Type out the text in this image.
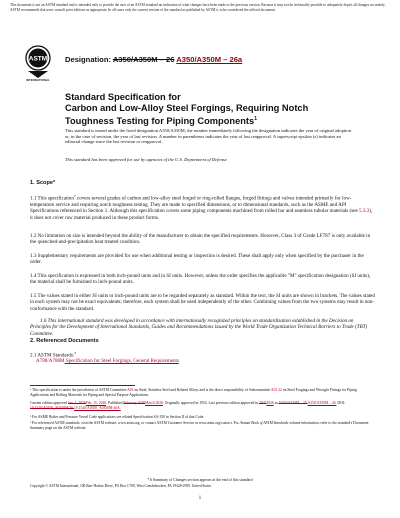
This document is not an ASTM standard and is intended only to provide the user of an ASTM standard an indication of what changes have been made to the previous version. Because it may not be technically possible to adequately depict all changes accurately, ASTM recommends that users consult prior editions as appropriate. In all cases only the current version of the standard as published by ASTM is to be considered the official document.
ASTM
INTERNATIONAL
Designation: A350/A350M – 26 A350/A350M – 26a
Standard Specification for
Carbon and Low-Alloy Steel Forgings, Requiring Notch
Toughness Testing for Piping Components$^1$
This standard is issued under the fixed designation A350/A350M; the number immediately following the designation indicates the year of original adoption or, in the case of revision, the year of last revision. A number in parentheses indicates the year of last reapproval. A superscript epsilon (ε) indicates an editorial change since the last revision or reapproval.
This standard has been approved for use by agencies of the U.S. Department of Defense.
1. Scope*
1.1 This specification$^2$ covers several grades of carbon and low-alloy steel forged or ring-rolled flanges, forged fittings and valves intended primarily for low-temperature service and requiring notch toughness testing. They are made to specified dimensions, or to dimensional standards, such as the ASME and API Specifications referenced in Section 2. Although this specification covers some piping components machined from rolled bar and seamless tubular materials (see 5.3.3), it does not cover raw material produced in these product forms.
1.2 No limitation on size is intended beyond the ability of the manufacturer to obtain the specified requirements. However, Class 3 of Grade LF787 is only available in the quenched-and-precipitation heat treated condition.
1.3 Supplementary requirements are provided for use when additional testing or inspection is desired. These shall apply only when specified by the purchaser in the order.
1.4 This specification is expressed in both inch-pound units and in SI units. However, unless the order specifies the applicable "M" specification designation (SI units), the material shall be furnished to inch-pound units.
1.5 The values stated in either SI units or inch-pound units are to be regarded separately as standard. Within the text, the SI units are shown in brackets. The values stated in each system may not be exact equivalents; therefore, each system shall be used independently of the other. Combining values from the two systems may result in non-conformance with the standard.
1.6 This international standard was developed in accordance with internationally recognized principles on standardization established in the Decision on Principles for the Development of International Standards, Guides and Recommendations issued by the World Trade Organization Technical Barriers to Trade (TBT) Committee.
2. Referenced Documents
2.1 ASTM Standards:$^3$
A788/A788M Specification for Steel Forgings, General Requirements
¹ This specification is under the jurisdiction of ASTM Committee A01 on Steel, Stainless Steel and Related Alloys and is the direct responsibility of Subcommittee A01.22 on Steel Forgings and Wrought Fittings for Piping Applications and Bolting Materials for Piping and Special Purpose Applications.
Current edition approved Jan. 1, 2026Feb. 15, 2026. Published February 2026March 2026. Originally approved in 1952. Last previous edition approved in 20252026 as A350/A350M – 25.A350/A350M – 26. DOI: 10.1520/A0350_A0350M-26.10.1520/A0350_A0350M-26A.
² For ASME Boiler and Pressure Vessel Code applications see related Specification SA-350 in Section II of that Code.
³ For referenced ASTM standards, visit the ASTM website, www.astm.org, or contact ASTM Customer Service at www.astm.org/contact. For Annual Book of ASTM Standards volume information, refer to the standard's Document Summary page on the ASTM website.
*A Summary of Changes section appears at the end of this standard
Copyright © ASTM International, 100 Barr Harbor Drive, PO Box C700, West Conshohocken, PA 19428-2959. United States
1
